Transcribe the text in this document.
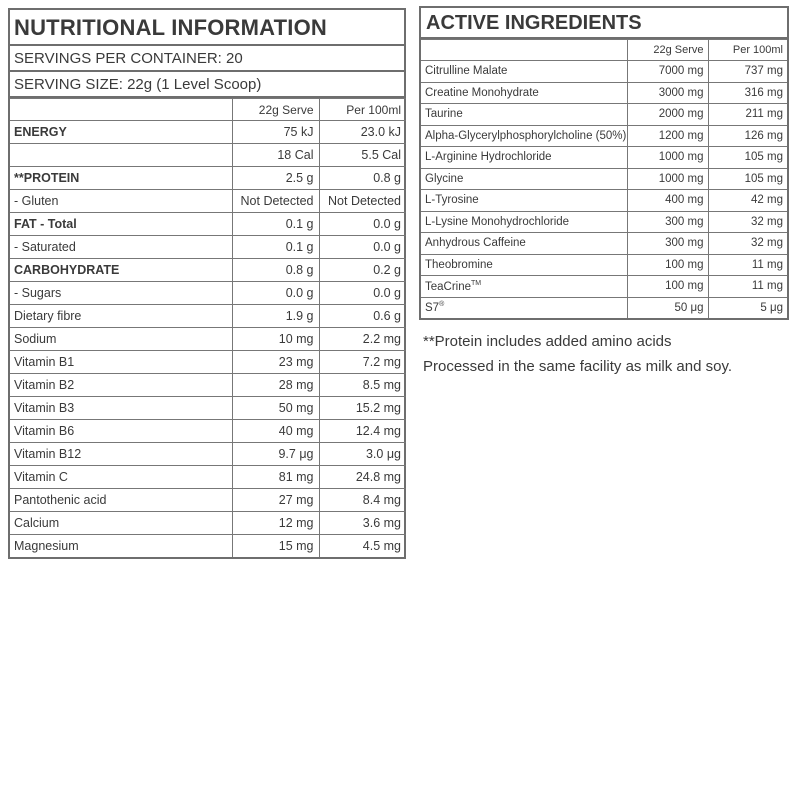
NUTRITIONAL INFORMATION
SERVINGS PER CONTAINER: 20
SERVING SIZE: 22g (1 Level Scoop)
	22g Serve	Per 100ml
ENERGY	75 kJ	23.0 kJ
	18 Cal	5.5 Cal
**PROTEIN	2.5 g	0.8 g
- Gluten	Not Detected	Not Detected
FAT - Total	0.1 g	0.0 g
- Saturated	0.1 g	0.0 g
CARBOHYDRATE	0.8 g	0.2 g
- Sugars	0.0 g	0.0 g
Dietary fibre	1.9 g	0.6 g
Sodium	10 mg	2.2 mg
Vitamin B1	23 mg	7.2 mg
Vitamin B2	28 mg	8.5 mg
Vitamin B3	50 mg	15.2 mg
Vitamin B6	40 mg	12.4 mg
Vitamin B12	9.7 μg	3.0 μg
Vitamin C	81 mg	24.8 mg
Pantothenic acid	27 mg	8.4 mg
Calcium	12 mg	3.6 mg
Magnesium	15 mg	4.5 mg
ACTIVE INGREDIENTS
	22g Serve	Per 100ml
Citrulline Malate	7000 mg	737 mg
Creatine Monohydrate	3000 mg	316 mg
Taurine	2000 mg	211 mg
Alpha-Glycerylphosphorylcholine (50%)	1200 mg	126 mg
L-Arginine Hydrochloride	1000 mg	105 mg
Glycine	1000 mg	105 mg
L-Tyrosine	400 mg	42 mg
L-Lysine Monohydrochloride	300 mg	32 mg
Anhydrous Caffeine	300 mg	32 mg
Theobromine	100 mg	11 mg
TeaCrine™	100 mg	11 mg
S7®	50 μg	5 μg
**Protein includes added amino acids
Processed in the same facility as milk and soy.
